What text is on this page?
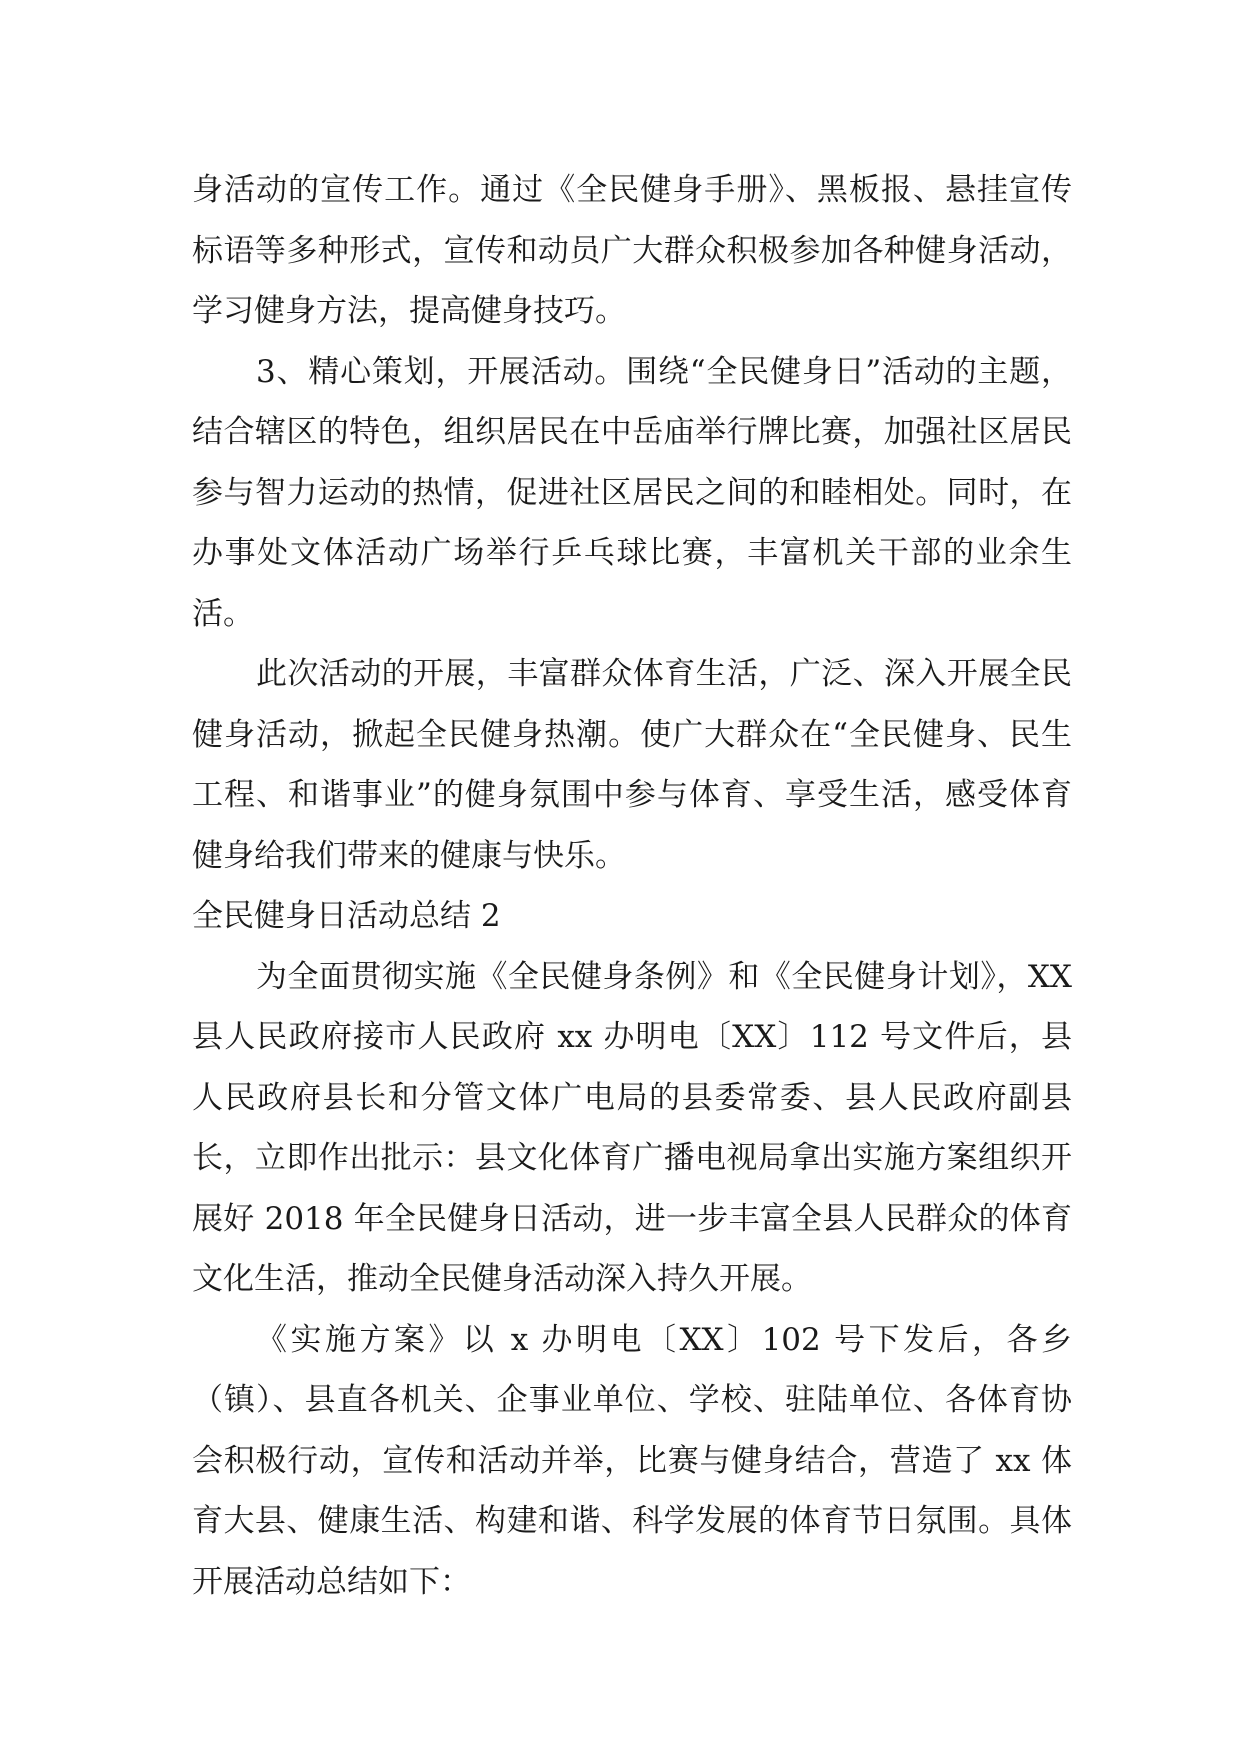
身活动的宣传工作。通过《全民健身手册》、黑板报、悬挂宣传标语等多种形式，宣传和动员广大群众积极参加各种健身活动，学习健身方法，提高健身技巧。

3、精心策划，开展活动。围绕“全民健身日”活动的主题，结合辖区的特色，组织居民在中岳庙举行牌比赛，加强社区居民参与智力运动的热情，促进社区居民之间的和睦相处。同时，在办事处文体活动广场举行乒乓球比赛，丰富机关干部的业余生活。

此次活动的开展，丰富群众体育生活，广泛、深入开展全民健身活动，掀起全民健身热潮。使广大群众在“全民健身、民生工程、和谐事业”的健身氛围中参与体育、享受生活，感受体育健身给我们带来的健康与快乐。

全民健身日活动总结 2

为全面贯彻实施《全民健身条例》和《全民健身计划》，XX 县人民政府接市人民政府 xx 办明电〔XX〕112 号文件后，县人民政府县长和分管文体广电局的县委常委、县人民政府副县长，立即作出批示：县文化体育广播电视局拿出实施方案组织开展好 2018 年全民健身日活动，进一步丰富全县人民群众的体育文化生活，推动全民健身活动深入持久开展。

《实施方案》以 x 办明电〔XX〕102 号下发后，各乡（镇）、县直各机关、企事业单位、学校、驻陆单位、各体育协会积极行动，宣传和活动并举，比赛与健身结合，营造了 xx 体育大县、健康生活、构建和谐、科学发展的体育节日氛围。具体开展活动总结如下：
